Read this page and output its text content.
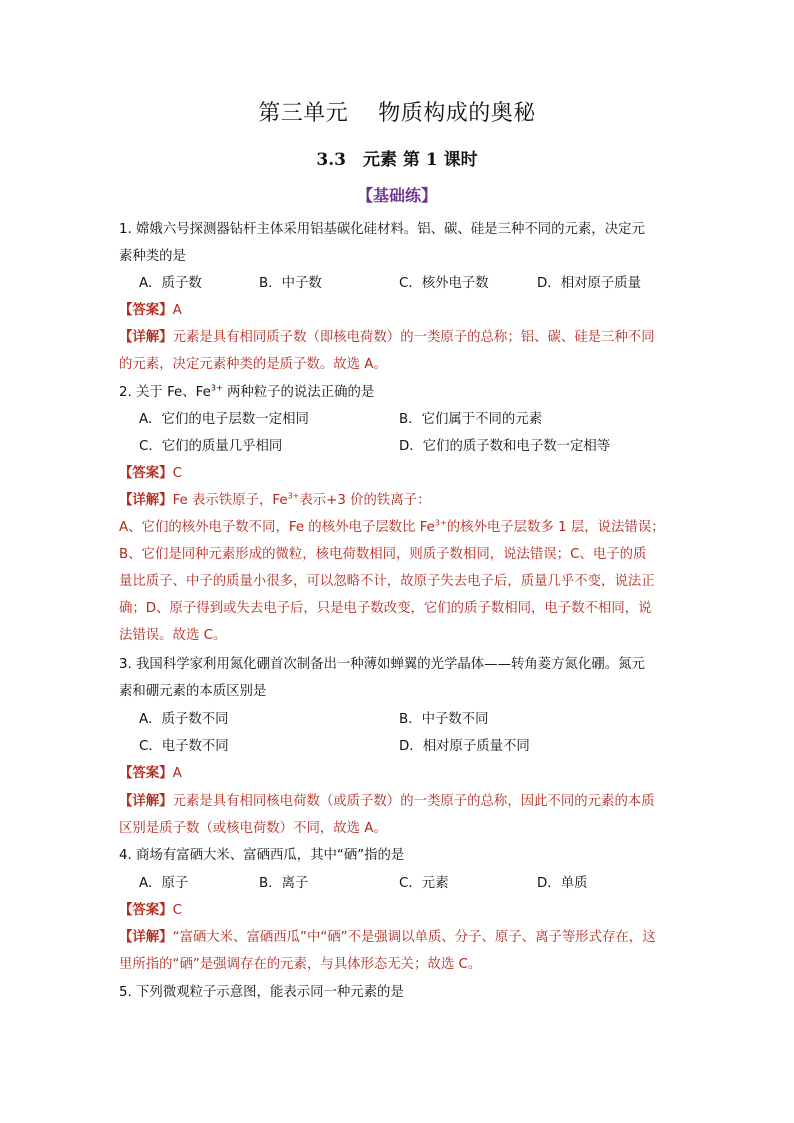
第三单元　 物质构成的奥秘
3.3　元素 第 1 课时
【基础练】
1. 嫦娥六号探测器钻杆主体采用铝基碳化硅材料。铝、碳、硅是三种不同的元素，决定元
素种类的是
A．质子数	B．中子数	C．核外电子数	D．相对原子质量
【答案】A
【详解】元素是具有相同质子数（即核电荷数）的一类原子的总称；铝、碳、硅是三种不同
的元素，决定元素种类的是质子数。故选 A。
2. 关于 Fe、$Fe^{3+}$ 两种粒子的说法正确的是
A．它们的电子层数一定相同	B．它们属于不同的元素
C．它们的质量几乎相同	D．它们的质子数和电子数一定相等
【答案】C
【详解】Fe 表示铁原子，$Fe^{3+}$表示+3 价的铁离子：
A、它们的核外电子数不同，Fe 的核外电子层数比 $Fe^{3+}$的核外电子层数多 1 层，说法错误；
B、它们是同种元素形成的微粒，核电荷数相同，则质子数相同，说法错误；C、电子的质
量比质子、中子的质量小很多，可以忽略不计，故原子失去电子后，质量几乎不变，说法正
确；D、原子得到或失去电子后，只是电子数改变，它们的质子数相同，电子数不相同，说
法错误。故选 C。
3. 我国科学家利用氮化硼首次制备出一种薄如蝉翼的光学晶体——转角菱方氮化硼。氮元
素和硼元素的本质区别是
A．质子数不同	B．中子数不同
C．电子数不同	D．相对原子质量不同
【答案】A
【详解】元素是具有相同核电荷数（或质子数）的一类原子的总称，因此不同的元素的本质
区别是质子数（或核电荷数）不同，故选 A。
4. 商场有富硒大米、富硒西瓜，其中“硒”指的是
A．原子	B．离子	C．元素	D．单质
【答案】C
【详解】“富硒大米、富硒西瓜”中“硒”不是强调以单质、分子、原子、离子等形式存在，这
里所指的“硒”是强调存在的元素，与具体形态无关；故选 C。
5. 下列微观粒子示意图，能表示同一种元素的是
